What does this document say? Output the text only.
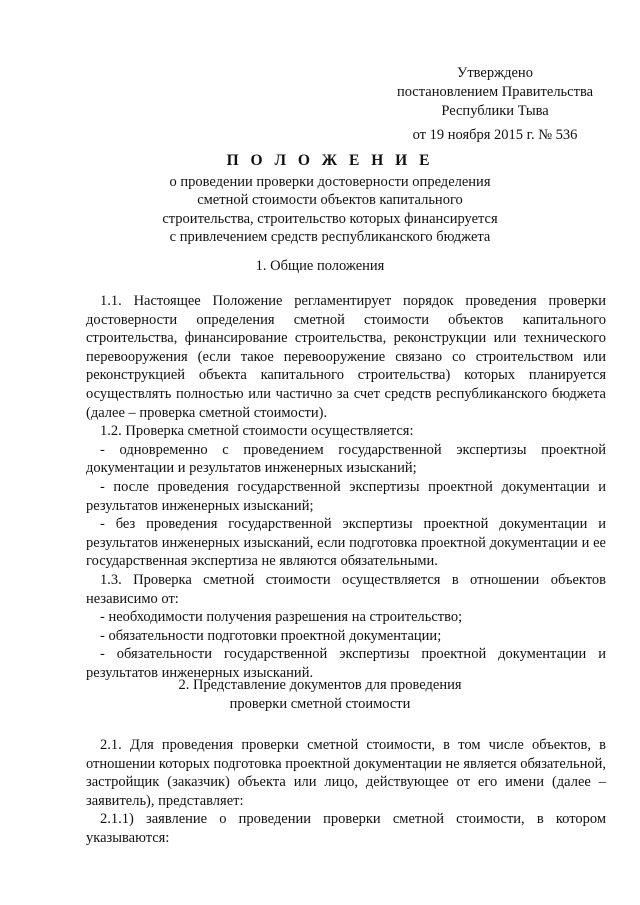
Утверждено
постановлением Правительства
Республики Тыва
от 19 ноября 2015 г. № 536
П О Л О Ж Е Н И Е
о проведении проверки достоверности определения
сметной стоимости объектов капитального
строительства, строительство которых финансируется
с привлечением средств республиканского бюджета
1. Общие положения

1.1. Настоящее Положение регламентирует порядок проведения проверки достоверности определения сметной стоимости объектов капитального строительства, финансирование строительства, реконструкции или технического перевооружения (если такое перевооружение связано со строительством или реконструкцией объекта капитального строительства) которых планируется осуществлять полностью или частично за счет средств республиканского бюджета (далее – проверка сметной стоимости).

1.2. Проверка сметной стоимости осуществляется:

- одновременно с проведением государственной экспертизы проектной документации и результатов инженерных изысканий;

- после проведения государственной экспертизы проектной документации и результатов инженерных изысканий;

- без проведения государственной экспертизы проектной документации и результатов инженерных изысканий, если подготовка проектной документации и ее государственная экспертиза не являются обязательными.

1.3. Проверка сметной стоимости осуществляется в отношении объектов независимо от:

- необходимости получения разрешения на строительство;

- обязательности подготовки проектной документации;

- обязательности государственной экспертизы проектной документации и результатов инженерных изысканий.

2. Представление документов для проведения
проверки сметной стоимости

2.1. Для проведения проверки сметной стоимости, в том числе объектов, в отношении которых подготовка проектной документации не является обязательной, застройщик (заказчик) объекта или лицо, действующее от его имени (далее – заявитель), представляет:

2.1.1) заявление о проведении проверки сметной стоимости, в котором указываются:
